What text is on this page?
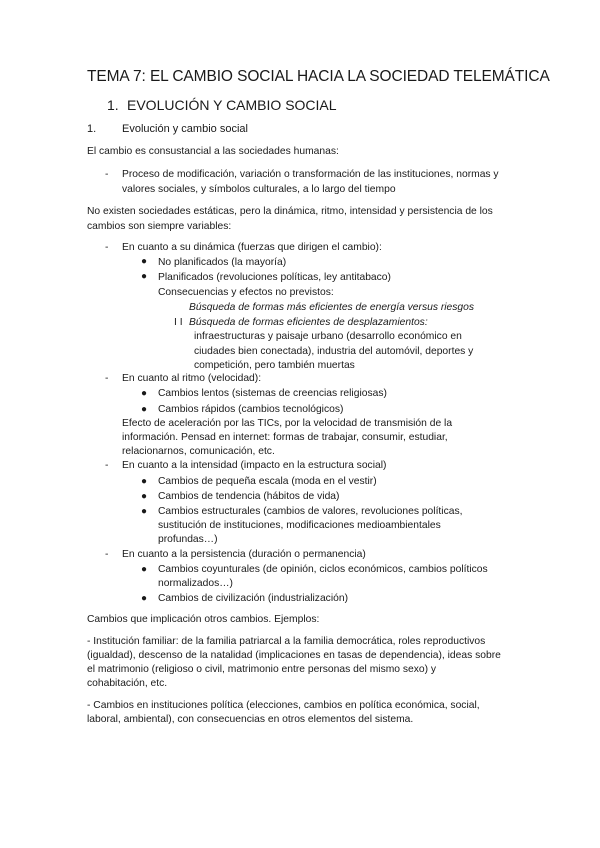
TEMA 7: EL CAMBIO SOCIAL HACIA LA SOCIEDAD TELEMÁTICA
1. EVOLUCIÓN Y CAMBIO SOCIAL
1. Evolución y cambio social
El cambio es consustancial a las sociedades humanas:
- Proceso de modificación, variación o transformación de las instituciones, normas y
valores sociales, y símbolos culturales, a lo largo del tiempo
No existen sociedades estáticas, pero la dinámica, ritmo, intensidad y persistencia de los
cambios son siempre variables:
- En cuanto a su dinámica (fuerzas que dirigen el cambio):
● No planificados (la mayoría)
● Planificados (revoluciones políticas, ley antitabaco)
Consecuencias y efectos no previstos:
Búsqueda de formas más eficientes de energía versus riesgos
I I Búsqueda de formas eficientes de desplazamientos:
infraestructuras y paisaje urbano (desarrollo económico en
ciudades bien conectada), industria del automóvil, deportes y
competición, pero también muertas
- En cuanto al ritmo (velocidad):
● Cambios lentos (sistemas de creencias religiosas)
● Cambios rápidos (cambios tecnológicos)
Efecto de aceleración por las TICs, por la velocidad de transmisión de la
información. Pensad en internet: formas de trabajar, consumir, estudiar,
relacionarnos, comunicación, etc.
- En cuanto a la intensidad (impacto en la estructura social)
● Cambios de pequeña escala (moda en el vestir)
● Cambios de tendencia (hábitos de vida)
● Cambios estructurales (cambios de valores, revoluciones políticas,
sustitución de instituciones, modificaciones medioambientales
profundas…)
- En cuanto a la persistencia (duración o permanencia)
● Cambios coyunturales (de opinión, ciclos económicos, cambios políticos
normalizados…)
● Cambios de civilización (industrialización)
Cambios que implicación otros cambios. Ejemplos:
- Institución familiar: de la familia patriarcal a la familia democrática, roles reproductivos
(igualdad), descenso de la natalidad (implicaciones en tasas de dependencia), ideas sobre
el matrimonio (religioso o civil, matrimonio entre personas del mismo sexo) y
cohabitación, etc.
- Cambios en instituciones política (elecciones, cambios en política económica, social,
laboral, ambiental), con consecuencias en otros elementos del sistema.
